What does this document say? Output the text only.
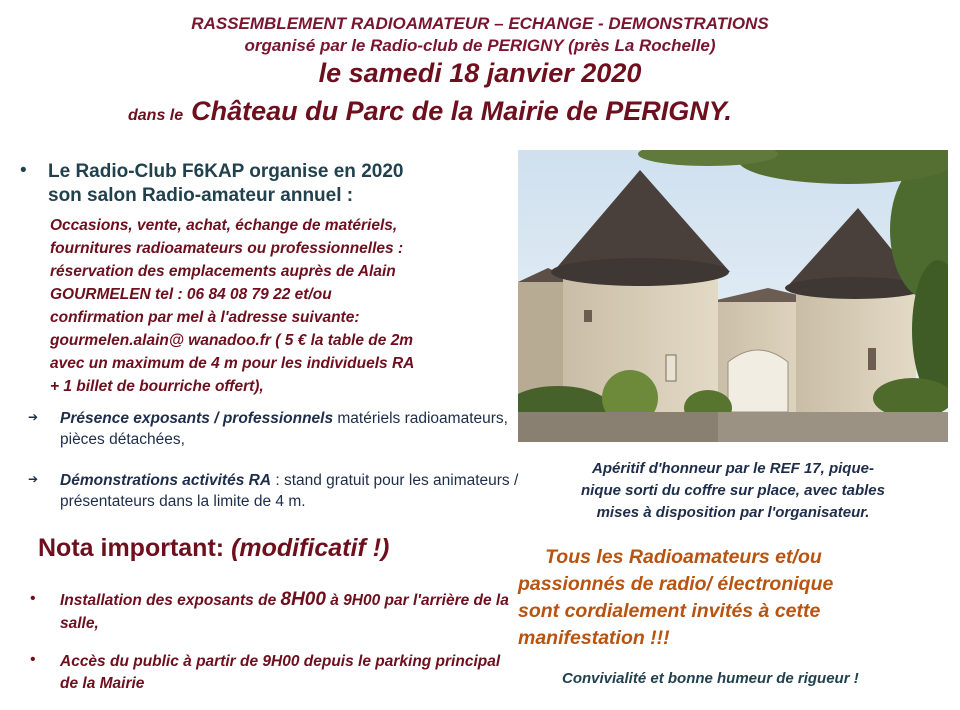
RASSEMBLEMENT RADIOAMATEUR – ECHANGE - DEMONSTRATIONS
organisé par le Radio-club de PERIGNY (près La Rochelle)
le samedi 18 janvier 2020
dans le Château du Parc de la Mairie de PERIGNY.
• Le Radio-Club F6KAP organise en 2020
son salon Radio-amateur annuel :
Occasions, vente, achat, échange de matériels,
fournitures radioamateurs ou professionnelles :
réservation des emplacements auprès de Alain
GOURMELEN tel : 06 84 08 79 22 et/ou
confirmation par mel à l'adresse suivante:
gourmelen.alain@ wanadoo.fr ( 5 € la table de 2m
avec un maximum de 4 m pour les individuels RA
+ 1 billet de bourriche offert),
➔ Présence exposants / professionnels matériels radioamateurs, pièces détachées,
➔ Démonstrations activités RA : stand gratuit pour les animateurs / présentateurs dans la limite de 4 m.
Nota important: (modificatif !)
• Installation des exposants de 8H00 à 9H00 par l'arrière de la salle,
• Accès du public à partir de 9H00 depuis le parking principal de la Mairie
Apéritif d'honneur par le REF 17, pique-
nique sorti du coffre sur place, avec tables
mises à disposition par l'organisateur.
Tous les Radioamateurs et/ou
passionnés de radio/ électronique
sont cordialement invités à cette
manifestation !!!
Convivialité et bonne humeur de rigueur !
